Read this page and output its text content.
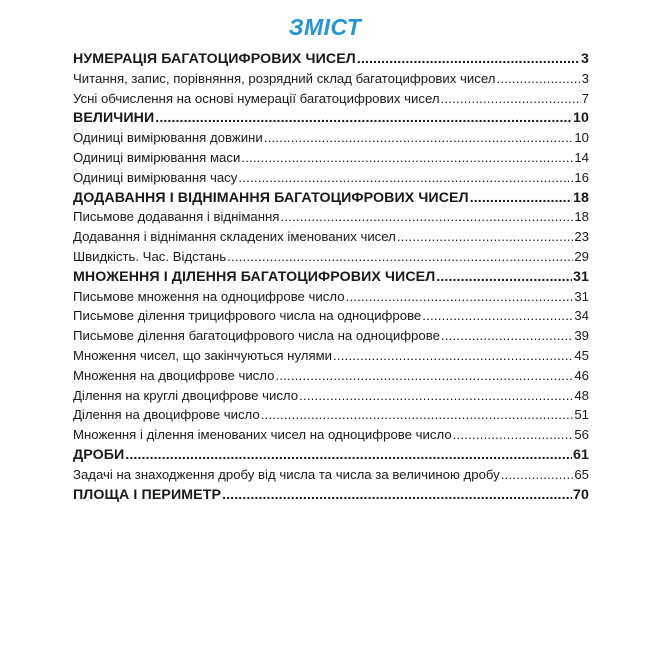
ЗМІСТ
НУМЕРАЦІЯ БАГАТОЦИФРОВИХ ЧИСЕЛ .....	3
Читання, запис, порівняння, розрядний склад багатоцифрових чисел .....	3
Усні обчислення на основі нумерації багатоцифрових чисел .....	7
ВЕЛИЧИНИ .....	10
Одиниці вимірювання довжини .....	10
Одиниці вимірювання маси .....	14
Одиниці вимірювання часу .....	16
ДОДАВАННЯ І ВІДНІМАННЯ БАГАТОЦИФРОВИХ ЧИСЕЛ .....	18
Письмове додавання і віднімання .....	18
Додавання і віднімання складених іменованих чисел .....	23
Швидкість. Час. Відстань .....	29
МНОЖЕННЯ І ДІЛЕННЯ БАГАТОЦИФРОВИХ ЧИСЕЛ .....	31
Письмове множення на одноцифрове число .....	31
Письмове ділення трицифрового числа на одноцифрове .....	34
Письмове ділення багатоцифрового числа на одноцифрове .....	39
Множення чисел, що закінчуються нулями .....	45
Множення на двоцифрове число .....	46
Ділення на круглі двоцифрове число .....	48
Ділення на двоцифрове число .....	51
Множення і ділення іменованих чисел на одноцифрове число .....	56
ДРОБИ .....	61
Задачі на знаходження дробу від числа та числа за величиною дробу .....	65
ПЛОЩА І ПЕРИМЕТР .....	70
